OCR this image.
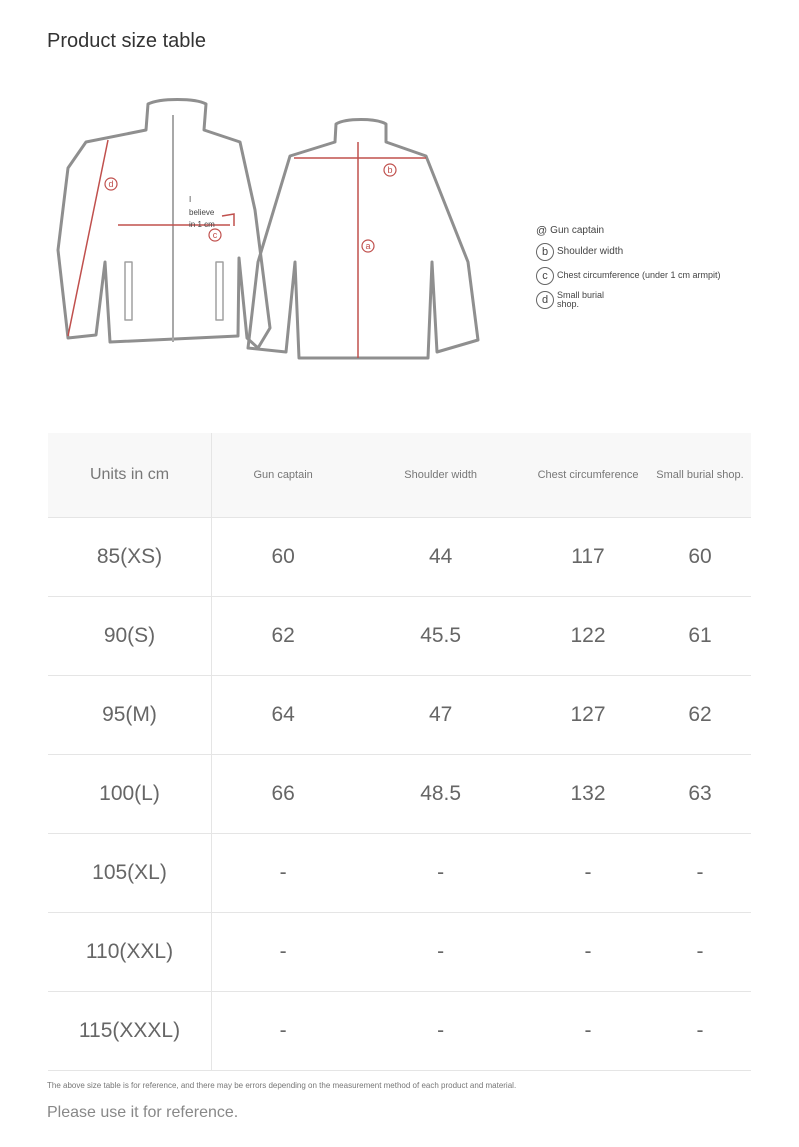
Product size table
a
b
c
d
I
believe
in 1 cm
@ Gun captain
b Shoulder width
c	Chest circumference (under 1 cm armpit)
d Small burial shop.
Units in cm	Gun captain	Shoulder width	Chest circumference	Small burial shop.
85(XS)	60	44	117	60
90(S)	62	45.5	122	61
95(M)	64	47	127	62
100(L)	66	48.5	132	63
105(XL)	-	-	-	-
110(XXL)	-	-	-	-
115(XXXL)	-	-	-	-
The above size table is for reference, and there may be errors depending on the measurement method of each product and material.
Please use it for reference.
